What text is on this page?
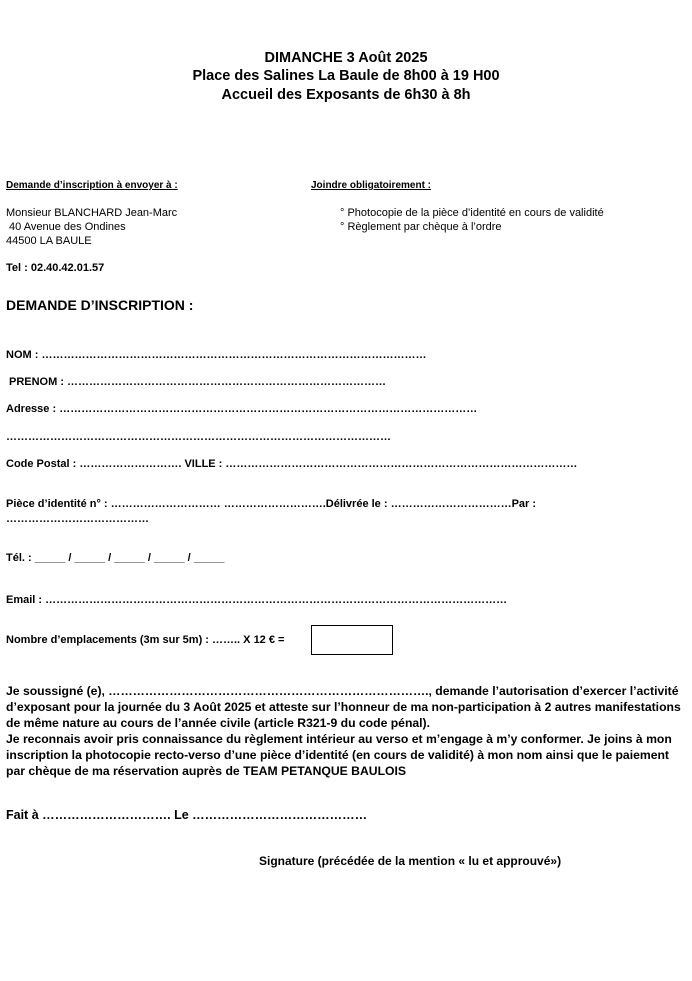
DIMANCHE 3 Août 2025
Place des Salines La Baule de 8h00 à 19 H00
Accueil des Exposants de 6h30 à 8h
Demande d’inscription à envoyer à :
Monsieur BLANCHARD Jean-Marc
40 Avenue des Ondines
44500 LA BAULE
Tel : 02.40.42.01.57
Joindre obligatoirement :
° Photocopie de la pièce d’identité en cours de validité
° Règlement par chèque à l’ordre
DEMANDE D’INSCRIPTION :
NOM : ……………………………………………………………………………………………
PRENOM : ……………………………………………………………………………
Adresse : ……………………………………………………………………………………………………
……………………………………………………………………………………………
Code Postal : ………………………. VILLE : ……………………………………………………………………………………
Pièce d’identité n° : ………………………… ……………………….Délivrée le : ……………………………Par :
…………………………………
Tél. : _____ / _____ / _____ / _____ / _____
Email : ………………………………………………………………………………………………………………
Nombre d’emplacements (3m sur 5m) : …….. X 12 € =
Je soussigné (e), ……………………………………………………………………., demande l’autorisation d’exercer l’activité d’exposant pour la journée du 3 Août 2025 et atteste sur l’honneur de ma non-participation à 2 autres manifestations de même nature au cours de l’année civile (article R321-9 du code pénal).
Je reconnais avoir pris connaissance du règlement intérieur au verso et m’engage à m’y conformer. Je joins à mon inscription la photocopie recto-verso d’une pièce d’identité (en cours de validité) à mon nom ainsi que le paiement par chèque de ma réservation auprès de TEAM PETANQUE BAULOIS
Fait à …………………………. Le ……………………………………
Signature (précédée de la mention « lu et approuvé»)
